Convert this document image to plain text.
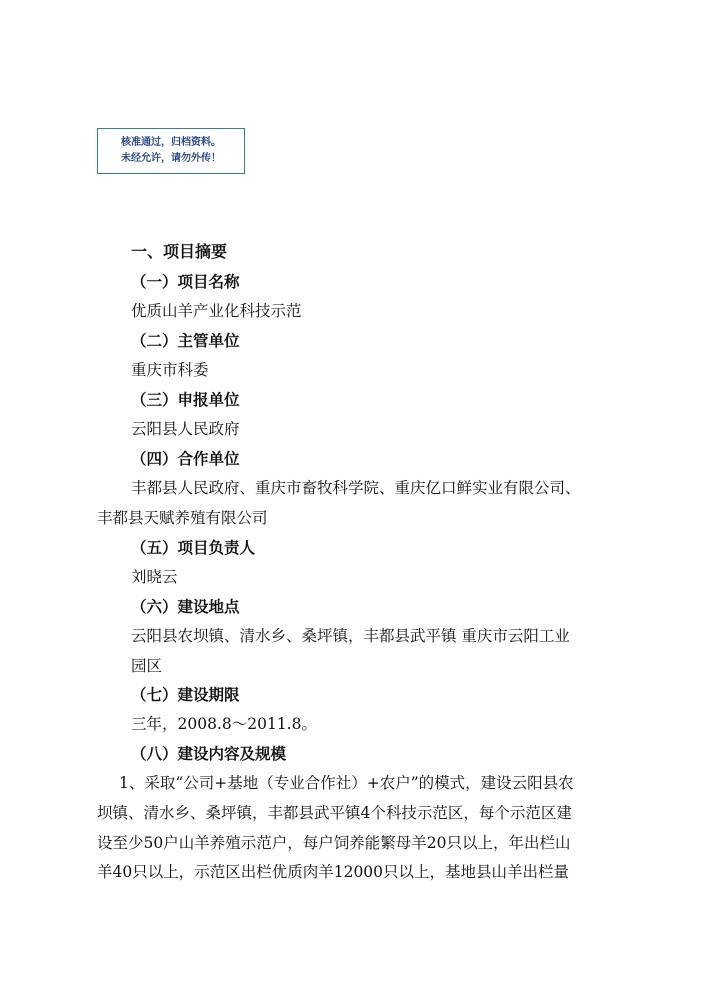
核准通过，归档资料。
未经允许，请勿外传！
一、项目摘要
（一）项目名称
优质山羊产业化科技示范
（二）主管单位
重庆市科委
（三）申报单位
云阳县人民政府
（四）合作单位
丰都县人民政府、重庆市畜牧科学院、重庆亿口鲜实业有限公司、
丰都县天赋养殖有限公司
（五）项目负责人
刘晓云
（六）建设地点
云阳县农坝镇、清水乡、桑坪镇，丰都县武平镇 重庆市云阳工业
园区
（七）建设期限
三年，2008.8～2011.8。
（八）建设内容及规模
1、采取“公司+基地（专业合作社）+农户”的模式，建设云阳县农
坝镇、清水乡、桑坪镇，丰都县武平镇4个科技示范区，每个示范区建
设至少50户山羊养殖示范户，每户饲养能繁母羊20只以上，年出栏山
羊40只以上，示范区出栏优质肉羊12000只以上，基地县山羊出栏量
